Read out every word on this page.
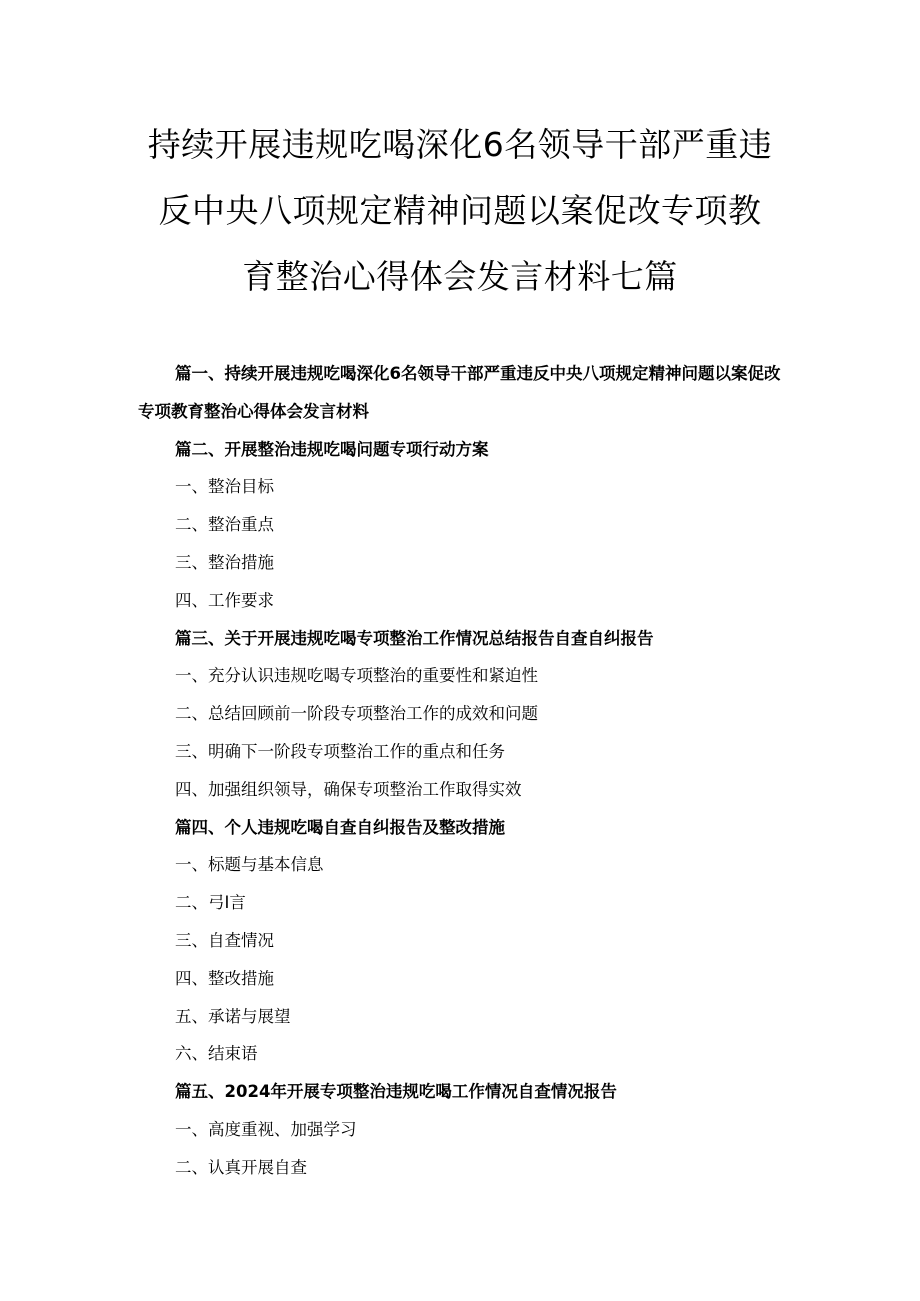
持续开展违规吃喝深化6名领导干部严重违
反中央八项规定精神问题以案促改专项教
育整治心得体会发言材料七篇
篇一、持续开展违规吃喝深化6名领导干部严重违反中央八项规定精神问题以案促改专项教育整治心得体会发言材料
篇二、开展整治违规吃喝问题专项行动方案
一、整治目标
二、整治重点
三、整治措施
四、工作要求
篇三、关于开展违规吃喝专项整治工作情况总结报告自查自纠报告
一、充分认识违规吃喝专项整治的重要性和紧迫性
二、总结回顾前一阶段专项整治工作的成效和问题
三、明确下一阶段专项整治工作的重点和任务
四、加强组织领导，确保专项整治工作取得实效
篇四、个人违规吃喝自查自纠报告及整改措施
一、标题与基本信息
二、弓I言
三、自查情况
四、整改措施
五、承诺与展望
六、结束语
篇五、2024年开展专项整治违规吃喝工作情况自查情况报告
一、高度重视、加强学习
二、认真开展自查
